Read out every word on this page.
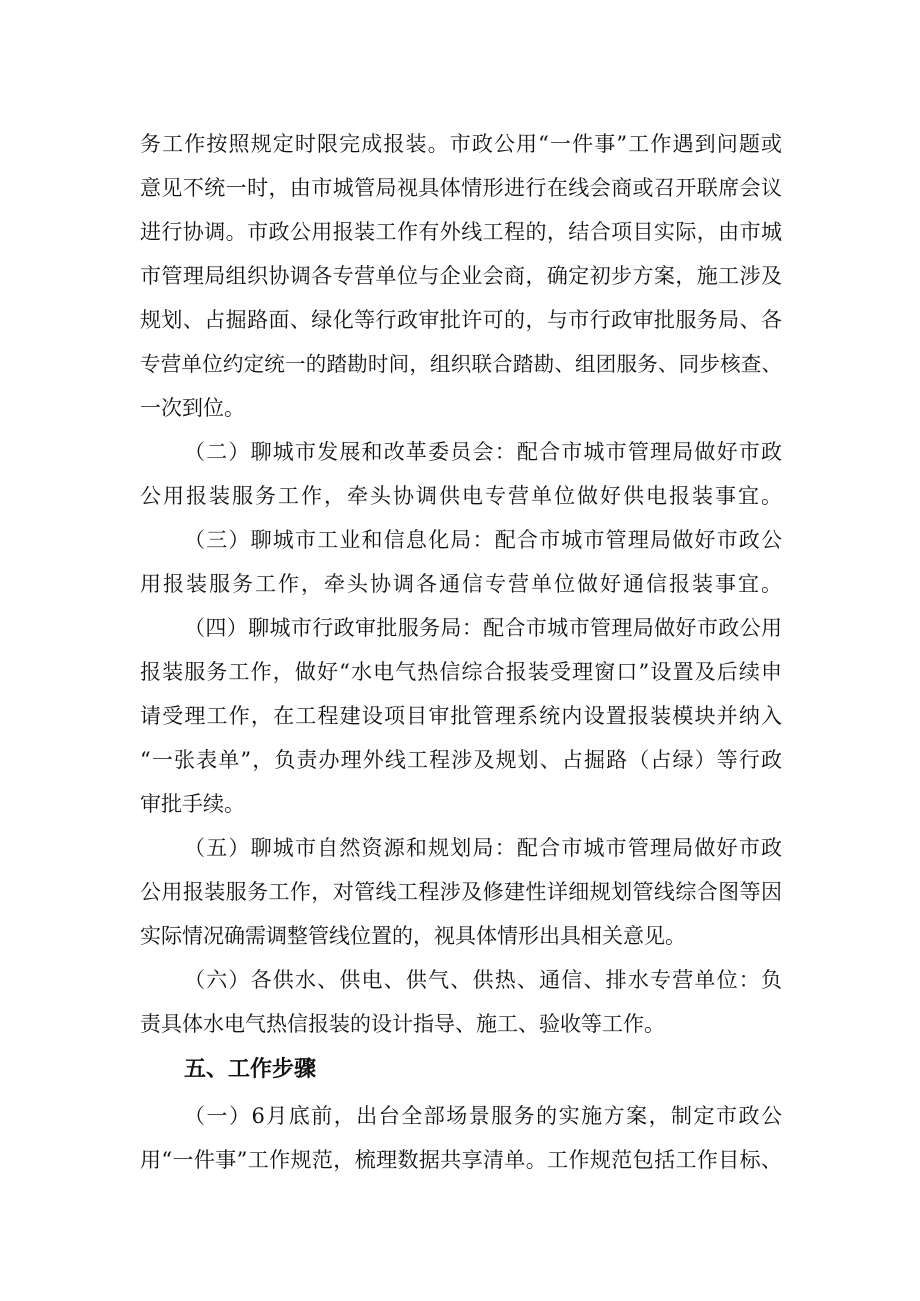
务工作按照规定时限完成报装。市政公用“一件事”工作遇到问题或
意见不统一时，由市城管局视具体情形进行在线会商或召开联席会议
进行协调。市政公用报装工作有外线工程的，结合项目实际，由市城
市管理局组织协调各专营单位与企业会商，确定初步方案，施工涉及
规划、占掘路面、绿化等行政审批许可的，与市行政审批服务局、各
专营单位约定统一的踏勘时间，组织联合踏勘、组团服务、同步核查、
一次到位。
（二）聊城市发展和改革委员会：配合市城市管理局做好市政
公用报装服务工作，牵头协调供电专营单位做好供电报装事宜。
（三）聊城市工业和信息化局：配合市城市管理局做好市政公
用报装服务工作，牵头协调各通信专营单位做好通信报装事宜。
（四）聊城市行政审批服务局：配合市城市管理局做好市政公用
报装服务工作，做好“水电气热信综合报装受理窗口”设置及后续申
请受理工作，在工程建设项目审批管理系统内设置报装模块并纳入
“一张表单”，负责办理外线工程涉及规划、占掘路（占绿）等行政
审批手续。
（五）聊城市自然资源和规划局：配合市城市管理局做好市政
公用报装服务工作，对管线工程涉及修建性详细规划管线综合图等因
实际情况确需调整管线位置的，视具体情形出具相关意见。
（六）各供水、供电、供气、供热、通信、排水专营单位：负
责具体水电气热信报装的设计指导、施工、验收等工作。
五、工作步骤
（一）6月底前，出台全部场景服务的实施方案，制定市政公
用“一件事”工作规范，梳理数据共享清单。工作规范包括工作目标、
